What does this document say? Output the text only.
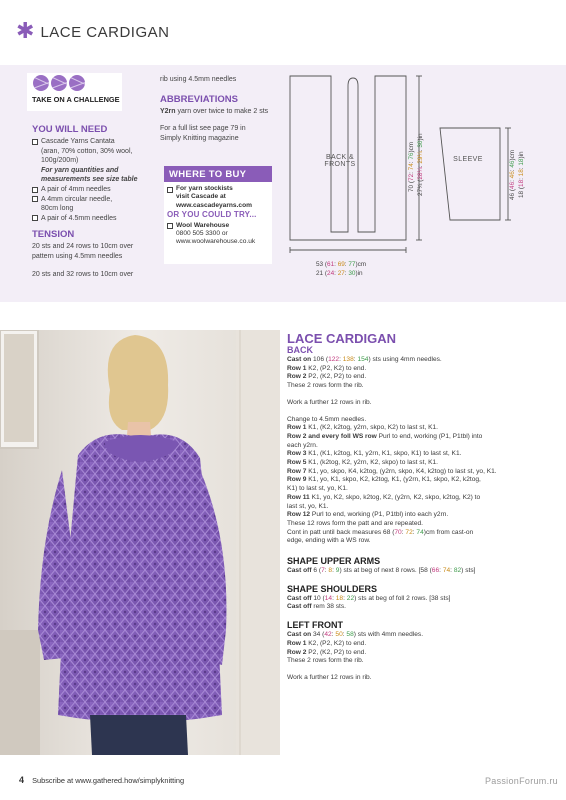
✱ LACE CARDIGAN
TAKE ON A CHALLENGE
YOU WILL NEED
Cascade Yarns Cantata
(aran, 70% cotton, 30% wool,
100g/200m)
For yarn quantities and
measurements see size table
A pair of 4mm needles
A 4mm circular needle,
80cm long
A pair of 4.5mm needles
TENSION
20 sts and 24 rows to 10cm over
pattern using 4.5mm needles
20 sts and 32 rows to 10cm over
rib using 4.5mm needles
ABBREVIATIONS
Y2rn yarn over twice to make 2 sts
For a full list see page 79 in
Simply Knitting magazine
WHERE TO BUY
For yarn stockists
visit Cascade at
www.cascadeyarns.com
OR YOU COULD TRY...
Wool Warehouse
0800 505 3300 or
www.woolwarehouse.co.uk
BACK &
FRONTS
SLEEVE
70 (72: 74: 76)cm
27¾ (28¼: 29¼: 30)in
46 (46: 46: 46)cm
18 (18: 18: 18)in
53 (61: 69: 77)cm
21 (24: 27: 30)in
LACE CARDIGAN
BACK

Cast on 106 (122: 138: 154) sts using 4mm needles.

Row 1 K2, (P2, K2) to end.

Row 2 P2, (K2, P2) to end.

These 2 rows form the rib.

Work a further 12 rows in rib.

Change to 4.5mm needles.

Row 1 K1, (K2, k2tog, y2rn, skpo, K2) to last st, K1.

Row 2 and every foll WS row Purl to end, working (P1, P1tbl) into

each y2rn.

Row 3 K1, (K1, k2tog, K1, y2rn, K1, skpo, K1) to last st, K1.

Row 5 K1, (k2tog, K2, y2rn, K2, skpo) to last st, K1.

Row 7 K1, yo, skpo, K4, k2tog, (y2rn, skpo, K4, k2tog) to last st, yo, K1.

Row 9 K1, yo, K1, skpo, K2, k2tog, K1, (y2rn, K1, skpo, K2, k2tog,

K1) to last st, yo, K1.

Row 11 K1, yo, K2, skpo, k2tog, K2, (y2rn, K2, skpo, k2tog, K2) to

last st, yo, K1.

Row 12 Purl to end, working (P1, P1tbl) into each y2rn.

These 12 rows form the patt and are repeated.

Cont in patt until back measures 68 (70: 72: 74)cm from cast-on

edge, ending with a WS row.

SHAPE UPPER ARMS

Cast off 6 (7: 8: 9) sts at beg of next 8 rows. [58 (66: 74: 82) sts]

SHAPE SHOULDERS

Cast off 10 (14: 18: 22) sts at beg of foll 2 rows. [38 sts]

Cast off rem 38 sts.

LEFT FRONT

Cast on 34 (42: 50: 58) sts with 4mm needles.

Row 1 K2, (P2, K2) to end.

Row 2 P2, (K2, P2) to end.

These 2 rows form the rib.

Work a further 12 rows in rib.

4 Subscribe at www.gathered.how/simplyknitting	PassionForum.ru
